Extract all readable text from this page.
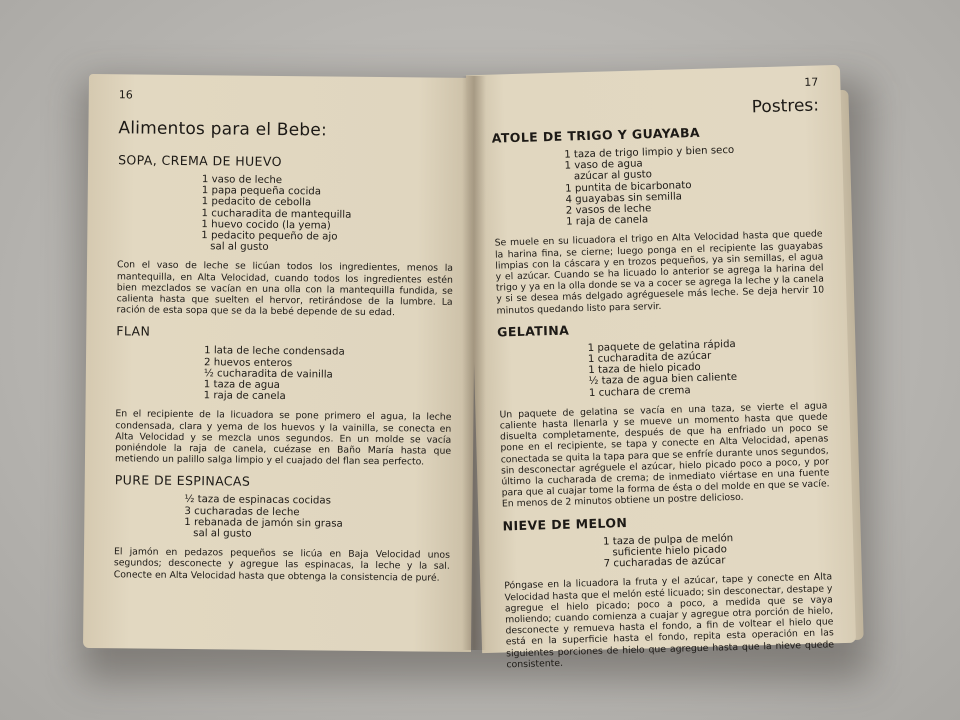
16
Alimentos para el Bebe:
SOPA, CREMA DE HUEVO
1 vaso de leche
1 papa pequeña cocida
1 pedacito de cebolla
1 cucharadita de mantequilla
1 huevo cocido (la yema)
1 pedacito pequeño de ajo
sal al gusto

Con el vaso de leche se licúan todos los ingredientes, menos la mantequilla, en Alta Velocidad, cuando todos los ingredientes estén bien mezclados se vacían en una olla con la mantequilla fundida, se calienta hasta que suelten el hervor, retirándose de la lumbre. La ración de esta sopa que se da la bebé depende de su edad.

FLAN
1 lata de leche condensada
2 huevos enteros
½ cucharadita de vainilla
1 taza de agua
1 raja de canela

En el recipiente de la licuadora se pone primero el agua, la leche condensada, clara y yema de los huevos y la vainilla, se conecta en Alta Velocidad y se mezcla unos segundos. En un molde se vacía poniéndole la raja de canela, cuézase en Baño María hasta que metiendo un palillo salga limpio y el cuajado del flan sea perfecto.

PURE DE ESPINACAS
½ taza de espinacas cocidas
3 cucharadas de leche
1 rebanada de jamón sin grasa
sal al gusto

El jamón en pedazos pequeños se licúa en Baja Velocidad unos segundos; desconecte y agregue las espinacas, la leche y la sal. Conecte en Alta Velocidad hasta que obtenga la consistencia de puré.

17
Postres:
ATOLE DE TRIGO Y GUAYABA
1 taza de trigo limpio y bien seco
1 vaso de agua
azúcar al gusto
1 puntita de bicarbonato
4 guayabas sin semilla
2 vasos de leche
1 raja de canela

Se muele en su licuadora el trigo en Alta Velocidad hasta que quede la harina fina, se cierne; luego ponga en el recipiente las guayabas limpias con la cáscara y en trozos pequeños, ya sin semillas, el agua y el azúcar. Cuando se ha licuado lo anterior se agrega la harina del trigo y ya en la olla donde se va a cocer se agrega la leche y la canela y si se desea más delgado agréguesele más leche. Se deja hervir 10 minutos quedando listo para servir.

GELATINA
1 paquete de gelatina rápida
1 cucharadita de azúcar
1 taza de hielo picado
½ taza de agua bien caliente
1 cuchara de crema

Un paquete de gelatina se vacía en una taza, se vierte el agua caliente hasta llenarla y se mueve un momento hasta que quede disuelta completamente, después de que ha enfriado un poco se pone en el recipiente, se tapa y conecte en Alta Velocidad, apenas conectada se quita la tapa para que se enfríe durante unos segundos, sin desconectar agréguele el azúcar, hielo picado poco a poco, y por último la cucharada de crema; de inmediato viértase en una fuente para que al cuajar tome la forma de ésta o del molde en que se vacíe. En menos de 2 minutos obtiene un postre delicioso.

NIEVE DE MELON
1 taza de pulpa de melón
suficiente hielo picado
7 cucharadas de azúcar

Póngase en la licuadora la fruta y el azúcar, tape y conecte en Alta Velocidad hasta que el melón esté licuado; sin desconectar, destape y agregue el hielo picado; poco a poco, a medida que se vaya moliendo; cuando comienza a cuajar y agregue otra porción de hielo, desconecte y remueva hasta el fondo, a fin de voltear el hielo que está en la superficie hasta el fondo, repita esta operación en las siguientes porciones de hielo que agregue hasta que la nieve quede consistente.
